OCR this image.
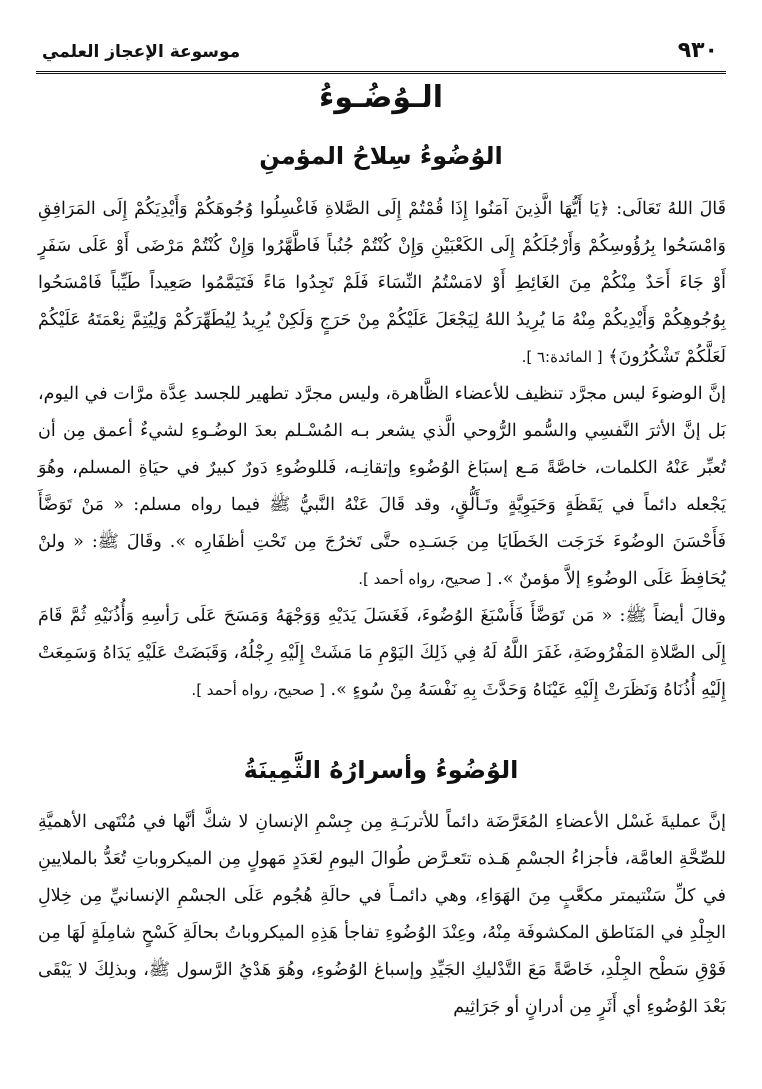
٩٣٠
موسوعة الإعجاز العلمي
الـوُضُـوءُ
الوُضُوءُ سِلاحُ المؤمنِ

قَالَ اللهُ تَعَالَى: ﴿يَا أَيُّهَا الَّذِينَ آمَنُوا إِذَا قُمْتُمْ إِلَى الصَّلاةِ فَاغْسِلُوا وُجُوهَكُمْ وَأَيْدِيَكُمْ إِلَى المَرَافِقِ وَامْسَحُوا بِرُؤُوسِكُمْ وَأَرْجُلَكُمْ إِلَى الكَعْبَيْنِ وَإِنْ كُنْتُمْ جُنُباً فَاطَّهَّرُوا وَإِنْ كُنْتُمْ مَرْضَى أَوْ عَلَى سَفَرٍ أَوْ جَاءَ أَحَدٌ مِنْكُمْ مِنَ الغَائِطِ أَوْ لامَسْتُمُ النِّسَاءَ فَلَمْ تَجِدُوا مَاءً فَتَيَمَّمُوا صَعِيداً طَيِّباً فَامْسَحُوا بِوُجُوهِكُمْ وَأَيْدِيكُمْ مِنْهُ مَا يُرِيدُ اللهُ لِيَجْعَلَ عَلَيْكُمْ مِنْ حَرَجٍ وَلَكِنْ يُرِيدُ لِيُطَهِّرَكُمْ وَلِيُتِمَّ نِعْمَتَهُ عَلَيْكُمْ لَعَلَّكُمْ تَشْكُرُونَ﴾ [ المائدة:٦ ].

إنَّ الوضوءَ ليس مجرَّد تنظيف للأعضاء الظَّاهرة، وليس مجرَّد تطهير للجسد عِدَّة مرَّات في اليوم، بَل إنَّ الأثرَ النَّفسِي والسُّمو الرُّوحي الَّذي يشعر بـه المُسْـلم بعدَ الوضُـوءِ لشيءٌ أعمق مِن أن تُعبِّر عَنْهُ الكلمات، خاصَّةً مَـع إسبَاغ الوُضُوءِ وإتقانِـه، فَللوضُوءِ دَورٌ كبيرٌ في حيَاةِ المسلم، وهُوَ يَجْعله دائماً في يَقَظَةٍ وَحَيَوِيَّةٍ وتَـأَلُّقٍ، وقد قَالَ عَنْهُ النَّبيُّ ﷺ فيما رواه مسلم: « مَنْ تَوَضَّأَ فَأَحْسَنَ الوضُوءَ خَرَجَت الخَطَايَا مِن جَسَـدِه حتَّى تَخرُجَ مِن تَحْتِ أظفَارِه ». وقَالَ ﷺ: « ولنْ يُحَافِظَ عَلَى الوضُوءِ إلاَّ مؤمنٌ ». [ صحيح، رواه أحمد ].

وقالَ أيضاً ﷺ: « مَن تَوَضَّأَ فَأَسْبَغَ الوُضُوءَ، فَغَسَلَ يَدَيْهِ وَوَجْهَهُ وَمَسَحَ عَلَى رَأسِهِ وَأُذُنَيْهِ ثُمَّ قَامَ إِلَى الصَّلاةِ المَفْرُوضَةِ، غَفَرَ اللَّهُ لَهُ فِي ذَلِكَ اليَوْمِ مَا مَشَتْ إِلَيْهِ رِجْلُهُ، وَقَبَضَتْ عَلَيْهِ يَدَاهُ وَسَمِعَتْ إِلَيْهِ أُذُنَاهُ وَنَظَرَتْ إِلَيْهِ عَيْنَاهُ وَحَدَّثَ بِهِ نَفْسَهُ مِنْ سُوءٍ ». [ صحيح، رواه أحمد ].

الوُضُوءُ وأسرارُهُ الثَّمِينَةُ

إنَّ عمليةَ غَسْل الأعضاءِ المُعَرَّضَة دائماً للأتربَـةِ مِن جِسْمِ الإنسانِ لا شكَّ أنَّها في مُنْتَهى الأهميَّةِ للصِّحَّةِ العامَّة، فأجزاءُ الجسْمِ هَـذه تتَعـرَّض طُوالَ اليومِ لعَدَدٍ مَهولٍ مِن الميكروباتِ تُعَدُّ بالملايينِ في كلِّ سَنْتيمتر مكعَّبٍ مِنَ الهَوَاءِ، وهي دائمـاً في حالَةِ هُجُوم عَلَى الجسْمِ الإنسانيِّ مِن خِلالِ الجِلْدِ في المَنَاطق المكشوفَة مِنْهُ، وعِنْدَ الوُضُوءِ تفاجأ هَذِهِ الميكروباتُ بحالَةِ كَسْحٍ شامِلَةٍ لَهَا مِن فَوْقِ سَطْح الجِلْدِ، خَاصَّةً مَعَ التَّدْليكِ الجَيِّدِ وإسباغ الوُضُوءِ، وهُوَ هَدْيُ الرَّسول ﷺ، وبذلِكَ لا يَبْقَى بَعْدَ الوُضُوءِ أي أَثَرٍ مِن أدرانٍ أو جَرَاثِيم
